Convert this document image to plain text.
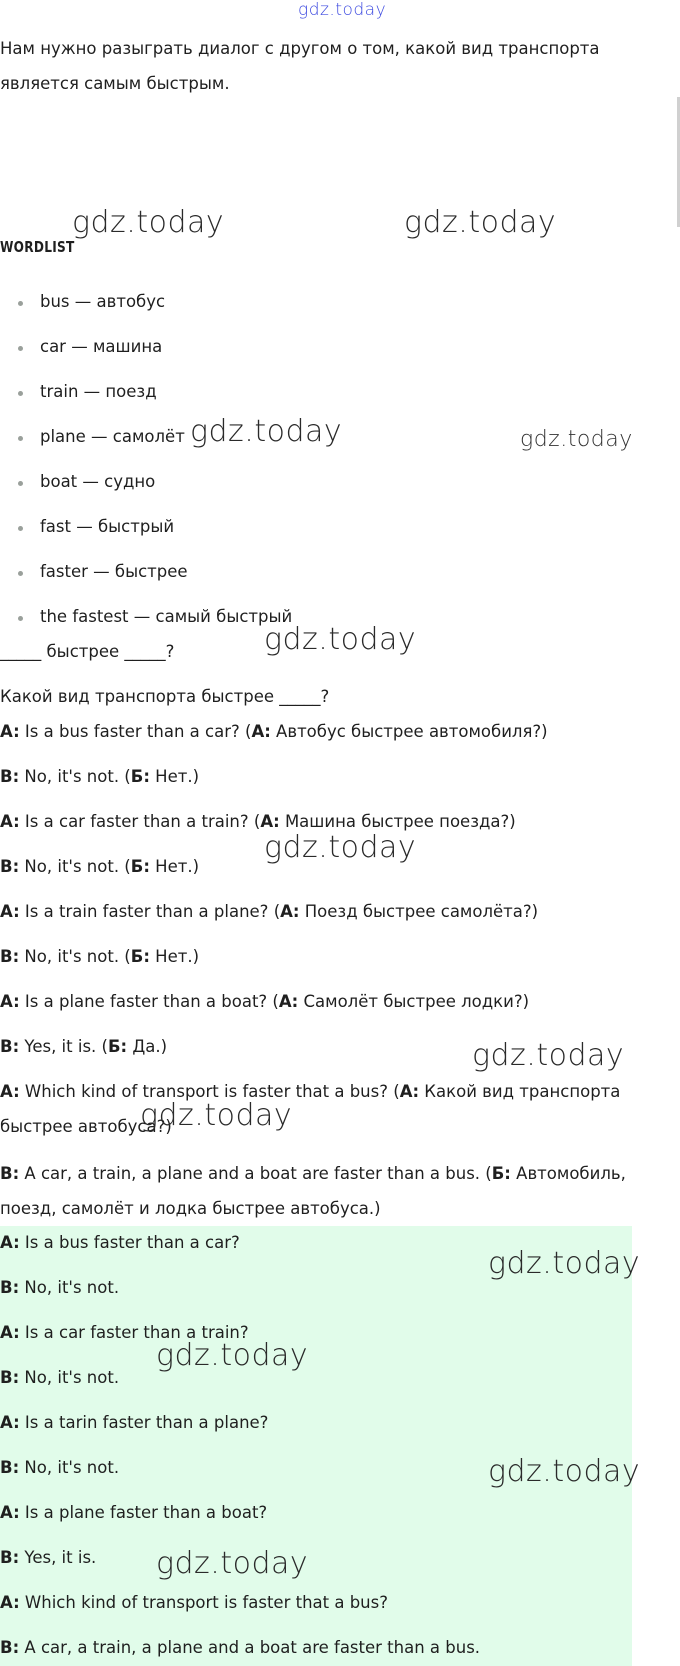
gdz.today
Нам нужно разыграть диалог с другом о том, какой вид транспорта является самым быстрым.
WORDLIST
bus — автобус
car — машина
train — поезд
plane — самолёт
boat — судно
fast — быстрый
faster — быстрее
the fastest — самый быстрый
_____ быстрее _____?
Какой вид транспорта быстрее _____?
A: Is a bus faster than a car? (А: Автобус быстрее автомобиля?)
B: No, it's not. (Б: Нет.)
A: Is a car faster than a train? (А: Машина быстрее поезда?)
B: No, it's not. (Б: Нет.)
A: Is a train faster than a plane? (А: Поезд быстрее самолёта?)
B: No, it's not. (Б: Нет.)
A: Is a plane faster than a boat? (А: Самолёт быстрее лодки?)
B: Yes, it is. (Б: Да.)
A: Which kind of transport is faster that a bus? (А: Какой вид транспорта быстрее автобуса?)
B: A car, a train, a plane and a boat are faster than a bus. (Б: Автомобиль, поезд, самолёт и лодка быстрее автобуса.)
A: Is a bus faster than a car?
B: No, it's not.
A: Is a car faster than a train?
B: No, it's not.
A: Is a tarin faster than a plane?
B: No, it's not.
A: Is a plane faster than a boat?
B: Yes, it is.
A: Which kind of transport is faster that a bus?
B: A car, a train, a plane and a boat are faster than a bus.
gdz.today	gdz.today
gdz.today	gdz.today
gdz.today
gdz.today
gdz.today
gdz.today
gdz.today
gdz.today
gdz.today
gdz.today
